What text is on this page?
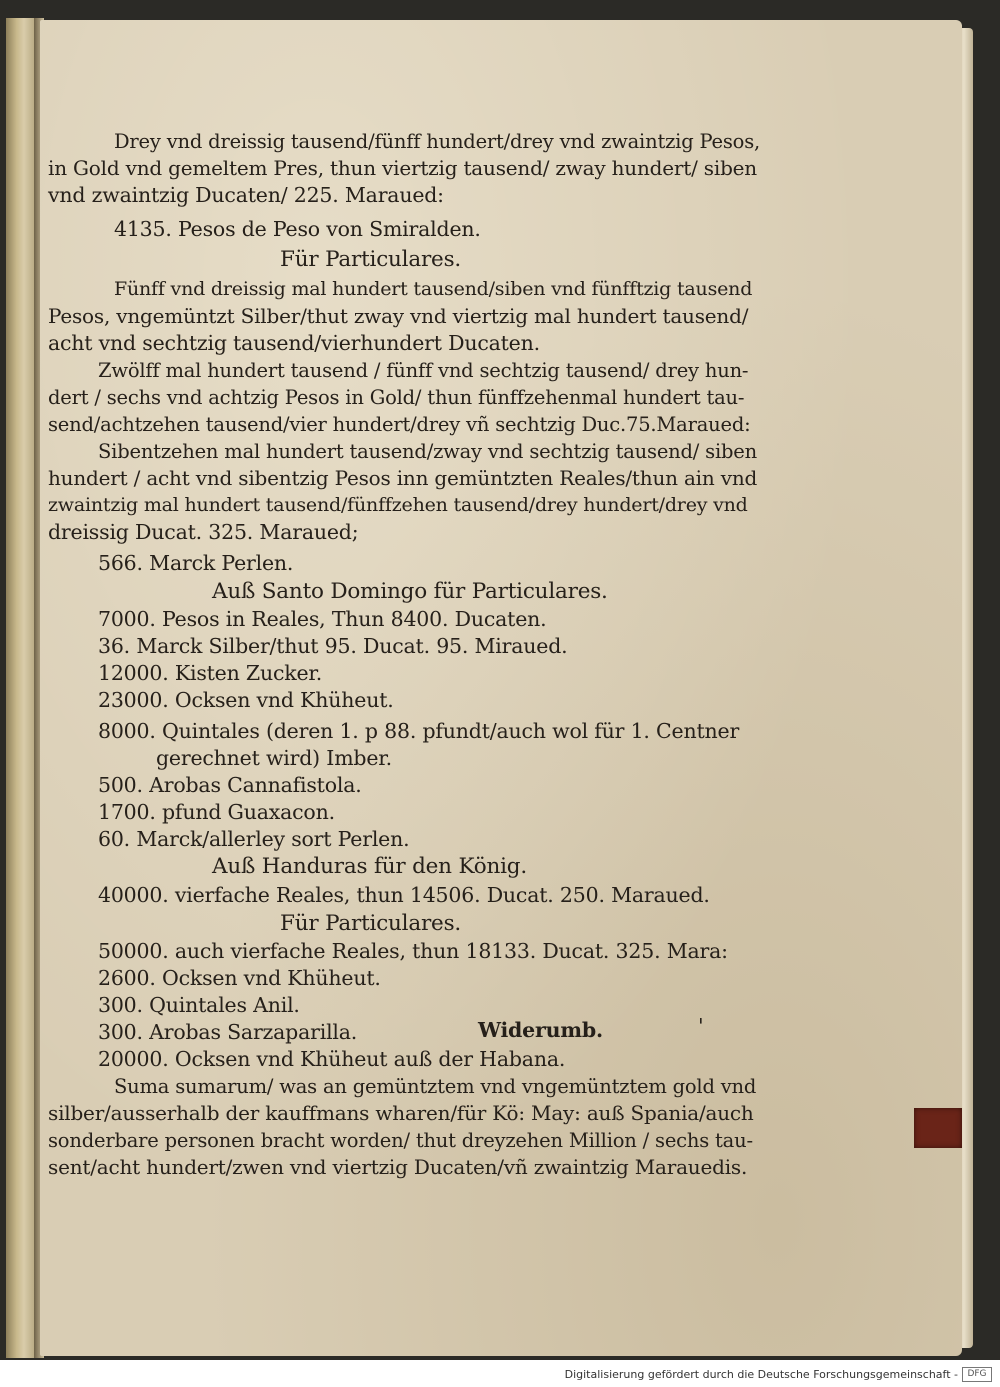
Drey vnd dreissig tausend/fünff hundert/drey vnd zwaintzig Pesos,
in Gold vnd gemeltem Pres, thun viertzig tausend/ zway hundert/ siben
vnd zwaintzig Ducaten/ 225. Maraued:
4135. Pesos de Peso von Smiralden.
Für Particulares.
Fünff vnd dreissig mal hundert tausend/siben vnd fünfftzig tausend
Pesos, vngemüntzt Silber/thut zway vnd viertzig mal hundert tausend/
acht vnd sechtzig tausend/vierhundert Ducaten.
Zwölff mal hundert tausend / fünff vnd sechtzig tausend/ drey hun-
dert / sechs vnd achtzig Pesos in Gold/ thun fünffzehenmal hundert tau-
send/achtzehen tausend/vier hundert/drey vñ sechtzig Duc.75.Maraued:
Sibentzehen mal hundert tausend/zway vnd sechtzig tausend/ siben
hundert / acht vnd sibentzig Pesos inn gemüntzten Reales/thun ain vnd
zwaintzig mal hundert tausend/fünffzehen tausend/drey hundert/drey vnd
dreissig Ducat. 325. Maraued;
566. Marck Perlen.
Auß Santo Domingo für Particulares.
7000. Pesos in Reales, Thun 8400. Ducaten.
36. Marck Silber/thut 95. Ducat. 95. Miraued.
12000. Kisten Zucker.
23000. Ocksen vnd Khüheut.
8000. Quintales (deren 1. p 88. pfundt/auch wol für 1. Centner
gerechnet wird) Imber.
500. Arobas Cannafistola.
1700. pfund Guaxacon.
60. Marck/allerley sort Perlen.
Auß Handuras für den König.
40000. vierfache Reales, thun 14506. Ducat. 250. Maraued.
Für Particulares.
50000. auch vierfache Reales, thun 18133. Ducat. 325. Mara:
2600. Ocksen vnd Khüheut.
300. Quintales Anil.
300. Arobas Sarzaparilla.	Widerumb.	'
20000. Ocksen vnd Khüheut auß der Habana.
Suma sumarum/ was an gemüntztem vnd vngemüntztem gold vnd
silber/ausserhalb der kauffmans wharen/für Kö: May: auß Spania/auch
sonderbare personen bracht worden/ thut dreyzehen Million / sechs tau-
sent/acht hundert/zwen vnd viertzig Ducaten/vñ zwaintzig Marauedis.
Digitalisierung gefördert durch die Deutsche Forschungsgemeinschaft -	DFG
